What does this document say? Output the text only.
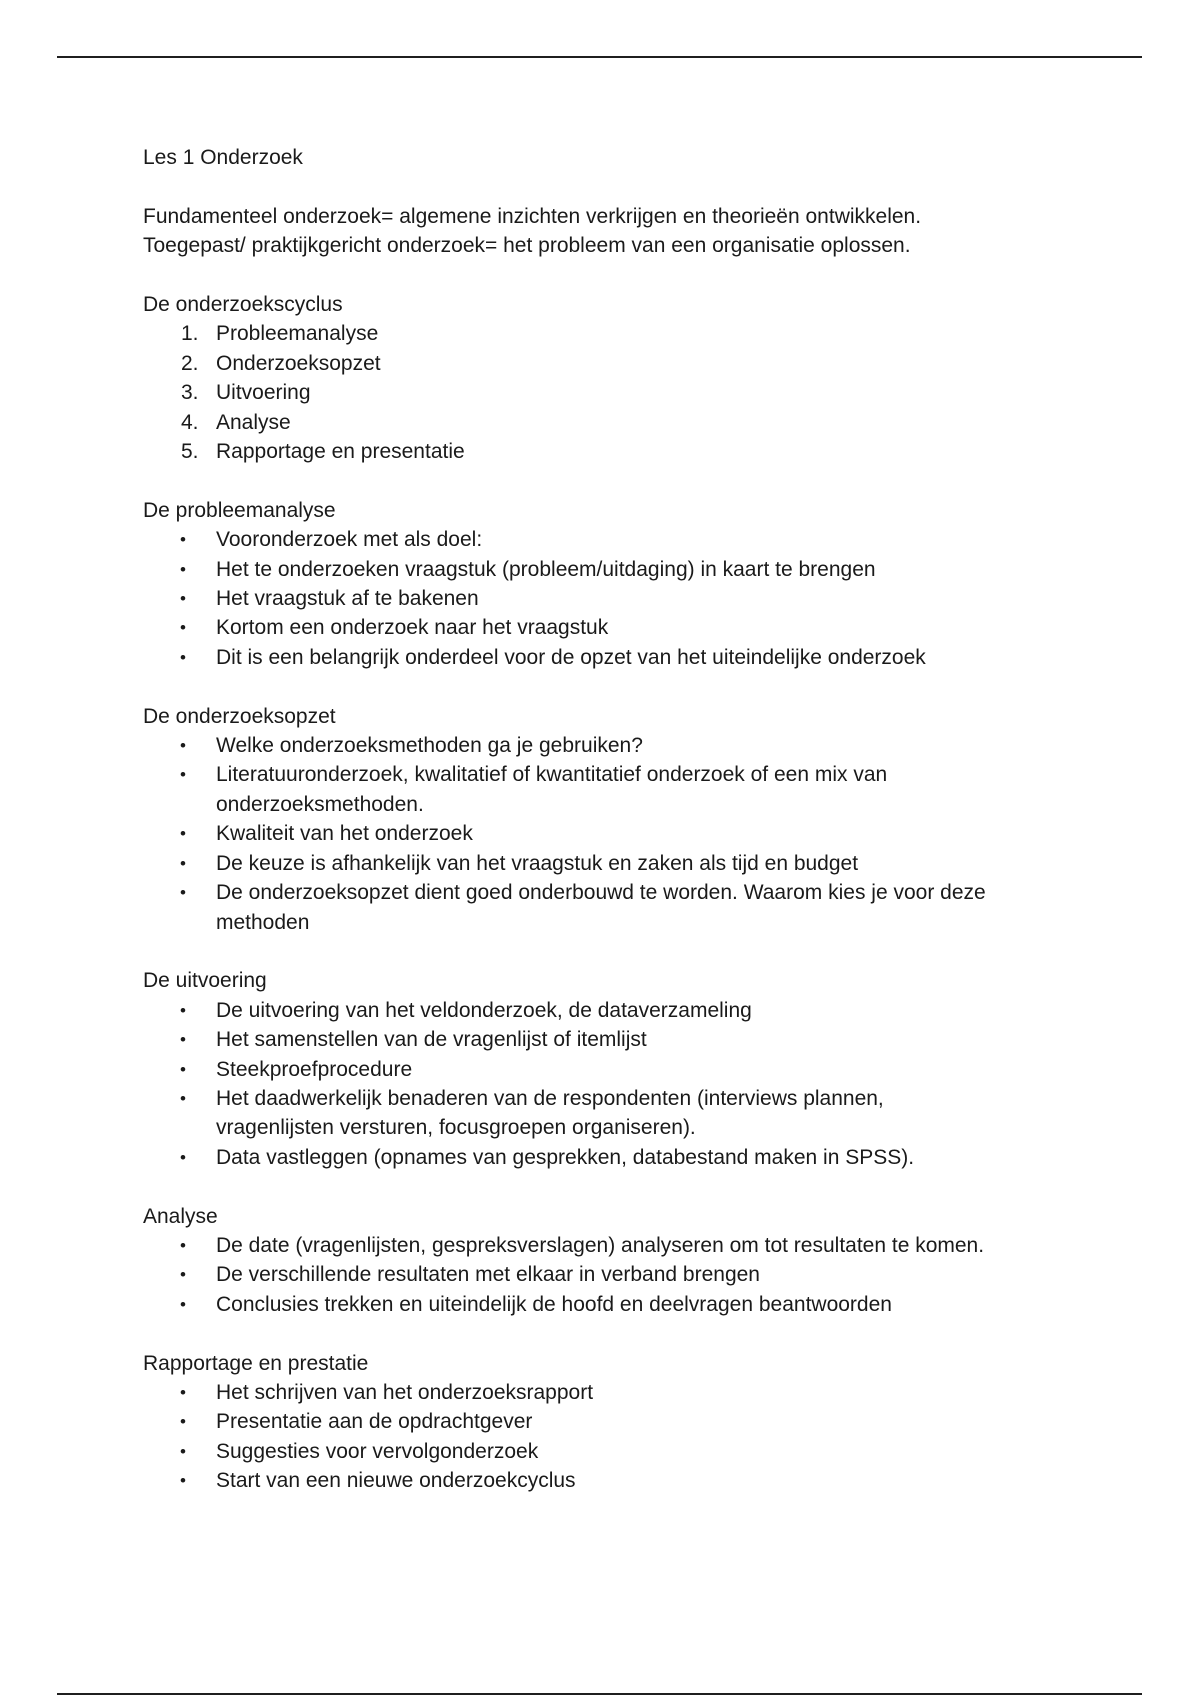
Les 1 Onderzoek

Fundamenteel onderzoek= algemene inzichten verkrijgen en theorieën ontwikkelen.

Toegepast/ praktijkgericht onderzoek= het probleem van een organisatie oplossen.

De onderzoekscyclus

1. Probleemanalyse
2. Onderzoeksopzet
3. Uitvoering
4. Analyse
5. Rapportage en presentatie

De probleemanalyse

•	Vooronderzoek met als doel:
•	Het te onderzoeken vraagstuk (probleem/uitdaging) in kaart te brengen
•	Het vraagstuk af te bakenen
•	Kortom een onderzoek naar het vraagstuk
•	Dit is een belangrijk onderdeel voor de opzet van het uiteindelijke onderzoek

De onderzoeksopzet

•	Welke onderzoeksmethoden ga je gebruiken?
•	Literatuuronderzoek, kwalitatief of kwantitatief onderzoek of een mix van
onderzoeksmethoden.
•	Kwaliteit van het onderzoek
•	De keuze is afhankelijk van het vraagstuk en zaken als tijd en budget
•	De onderzoeksopzet dient goed onderbouwd te worden. Waarom kies je voor deze
methoden

De uitvoering

•	De uitvoering van het veldonderzoek, de dataverzameling
•	Het samenstellen van de vragenlijst of itemlijst
•	Steekproefprocedure
•	Het daadwerkelijk benaderen van de respondenten (interviews plannen,
vragenlijsten versturen, focusgroepen organiseren).
•	Data vastleggen (opnames van gesprekken, databestand maken in SPSS).

Analyse

•	De date (vragenlijsten, gespreksverslagen) analyseren om tot resultaten te komen.
•	De verschillende resultaten met elkaar in verband brengen
•	Conclusies trekken en uiteindelijk de hoofd en deelvragen beantwoorden

Rapportage en prestatie

•	Het schrijven van het onderzoeksrapport
•	Presentatie aan de opdrachtgever
•	Suggesties voor vervolgonderzoek
•	Start van een nieuwe onderzoekcyclus
